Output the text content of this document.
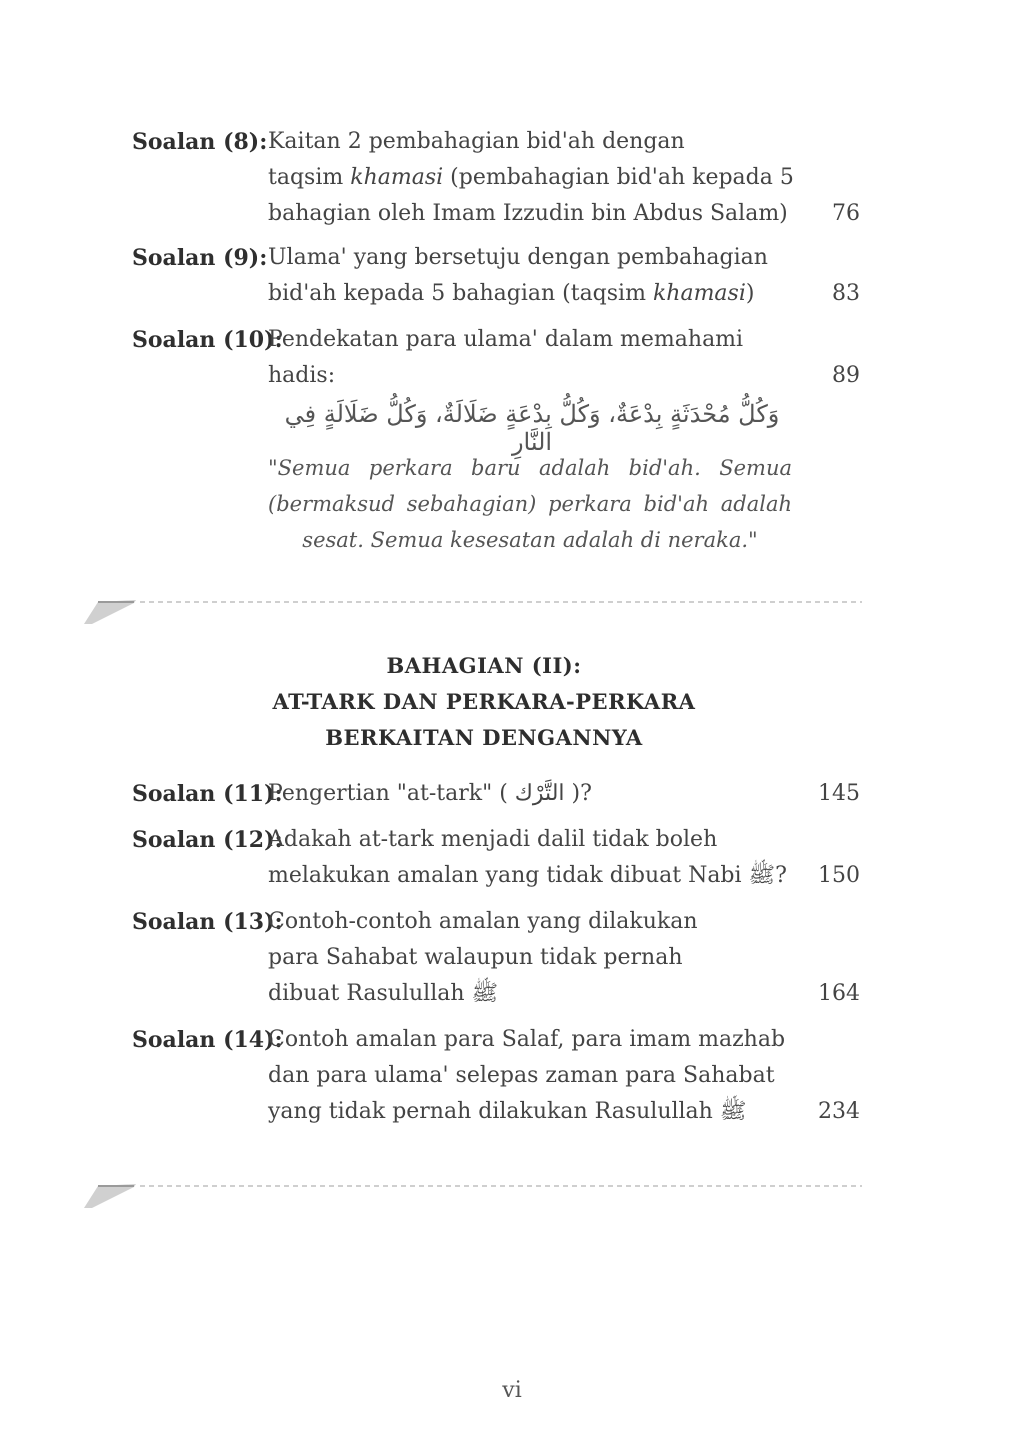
Soalan (8): Kaitan 2 pembahagian bid'ah dengan
taqsim khamasi (pembahagian bid'ah kepada 5
bahagian oleh Imam Izzudin bin Abdus Salam)	76
Soalan (9): Ulama' yang bersetuju dengan pembahagian
bid'ah kepada 5 bahagian (taqsim khamasi)	83
Soalan (10):
Pendekatan para ulama' dalam memahami
hadis:	89
وَكُلُّ مُحْدَثَةٍ بِدْعَةٌ، وَكُلُّ بِدْعَةٍ ضَلَالَةٌ، وَكُلُّ ضَلَالَةٍ فِي النَّارِ
"Semua perkara baru adalah bid'ah. Semua
(bermaksud sebahagian) perkara bid'ah adalah
sesat. Semua kesesatan adalah di neraka."
BAHAGIAN (II):
AT-TARK DAN PERKARA-PERKARA
BERKAITAN DENGANNYA
Soalan (11):
Pengertian "at-tark" ( التَّرْك )?	145
Soalan (12):
Adakah at-tark menjadi dalil tidak boleh
melakukan amalan yang tidak dibuat Nabi ﷺ?	150
Soalan (13):
Contoh-contoh amalan yang dilakukan
para Sahabat walaupun tidak pernah
dibuat Rasulullah ﷺ	164
Soalan (14):
Contoh amalan para Salaf, para imam mazhab
dan para ulama' selepas zaman para Sahabat
yang tidak pernah dilakukan Rasulullah ﷺ	234
vi
